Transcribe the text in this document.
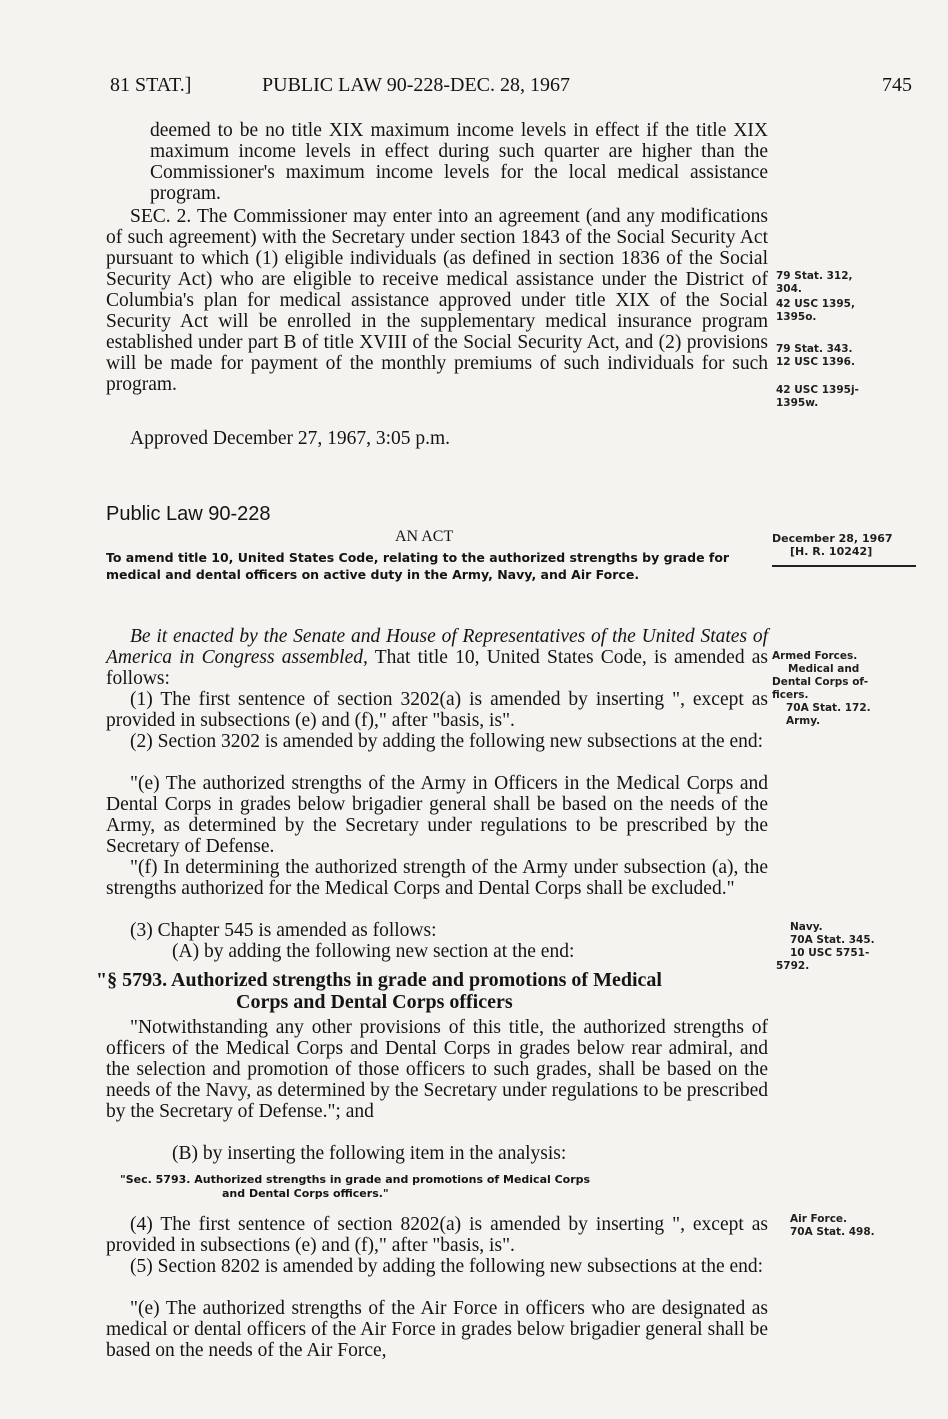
81 STAT.]	PUBLIC LAW 90-228-DEC. 28, 1967	745
deemed to be no title XIX maximum income levels in effect if the title XIX maximum income levels in effect during such quarter are higher than the Commissioner's maximum income levels for the local medical assistance program.
SEC. 2. The Commissioner may enter into an agreement (and any modifications of such agreement) with the Secretary under section 1843 of the Social Security Act pursuant to which (1) eligible individuals (as defined in section 1836 of the Social Security Act) who are eligible to receive medical assistance under the District of Columbia's plan for medical assistance approved under title XIX of the Social Security Act will be enrolled in the supplementary medical insurance program established under part B of title XVIII of the Social Security Act, and (2) provisions will be made for payment of the monthly premiums of such individuals for such program.
Approved December 27, 1967, 3:05 p.m.
Public Law 90-228
AN ACT
To amend title 10, United States Code, relating to the authorized strengths by grade for medical and dental officers on active duty in the Army, Navy, and Air Force.
Be it enacted by the Senate and House of Representatives of the United States of America in Congress assembled, That title 10, United States Code, is amended as follows:
(1) The first sentence of section 3202(a) is amended by inserting ", except as provided in subsections (e) and (f)," after "basis, is".
(2) Section 3202 is amended by adding the following new subsections at the end:
"(e) The authorized strengths of the Army in Officers in the Medical Corps and Dental Corps in grades below brigadier general shall be based on the needs of the Army, as determined by the Secretary under regulations to be prescribed by the Secretary of Defense.
"(f) In determining the authorized strength of the Army under subsection (a), the strengths authorized for the Medical Corps and Dental Corps shall be excluded."
(3) Chapter 545 is amended as follows:
(A) by adding the following new section at the end:
"§ 5793. Authorized strengths in grade and promotions of Medical
Corps and Dental Corps officers
"Notwithstanding any other provisions of this title, the authorized strengths of officers of the Medical Corps and Dental Corps in grades below rear admiral, and the selection and promotion of those officers to such grades, shall be based on the needs of the Navy, as determined by the Secretary under regulations to be prescribed by the Secretary of Defense."; and
(B) by inserting the following item in the analysis:
"Sec. 5793. Authorized strengths in grade and promotions of Medical Corps
and Dental Corps officers."
(4) The first sentence of section 8202(a) is amended by inserting ", except as provided in subsections (e) and (f)," after "basis, is".
(5) Section 8202 is amended by adding the following new subsections at the end:
"(e) The authorized strengths of the Air Force in officers who are designated as medical or dental officers of the Air Force in grades below brigadier general shall be based on the needs of the Air Force,
79 Stat. 312,
304.
42 USC 1395,
1395o.
79 Stat. 343.
12 USC 1396.
42 USC 1395j-
1395w.
December 28, 1967
[H. R. 10242]
Armed Forces.
Medical and
Dental Corps of-
ficers.
70A Stat. 172.
Army.
Navy.
70A Stat. 345.
10 USC 5751-
5792.
Air Force.
70A Stat. 498.
